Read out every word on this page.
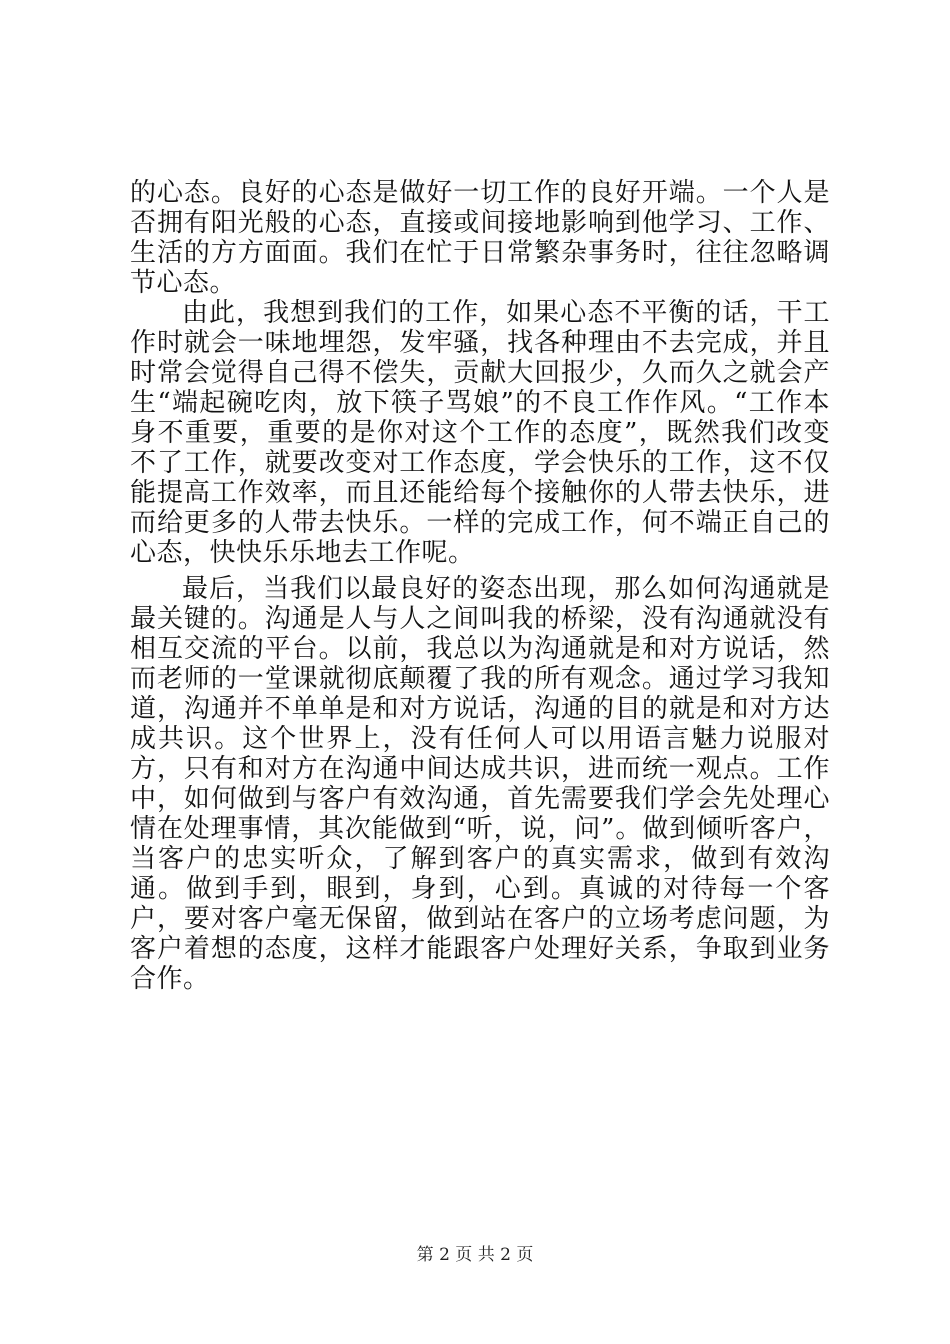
的心态。良好的心态是做好一切工作的良好开端。一个人是否拥有阳光般的心态，直接或间接地影响到他学习、工作、生活的方方面面。我们在忙于日常繁杂事务时，往往忽略调节心态。

由此，我想到我们的工作，如果心态不平衡的话，干工作时就会一味地埋怨，发牢骚，找各种理由不去完成，并且时常会觉得自己得不偿失，贡献大回报少，久而久之就会产生“端起碗吃肉，放下筷子骂娘”的不良工作作风。“工作本身不重要，重要的是你对这个工作的态度”，既然我们改变不了工作，就要改变对工作态度，学会快乐的工作，这不仅能提高工作效率，而且还能给每个接触你的人带去快乐，进而给更多的人带去快乐。一样的完成工作，何不端正自己的心态，快快乐乐地去工作呢。

最后，当我们以最良好的姿态出现，那么如何沟通就是最关键的。沟通是人与人之间叫我的桥梁，没有沟通就没有相互交流的平台。以前，我总以为沟通就是和对方说话，然而老师的一堂课就彻底颠覆了我的所有观念。通过学习我知道，沟通并不单单是和对方说话，沟通的目的就是和对方达成共识。这个世界上，没有任何人可以用语言魅力说服对方，只有和对方在沟通中间达成共识，进而统一观点。工作中，如何做到与客户有效沟通，首先需要我们学会先处理心情在处理事情，其次能做到“听，说，问”。做到倾听客户，当客户的忠实听众，了解到客户的真实需求，做到有效沟通。做到手到，眼到，身到，心到。真诚的对待每一个客户，要对客户毫无保留，做到站在客户的立场考虑问题，为客户着想的态度，这样才能跟客户处理好关系，争取到业务合作。

第 2 页 共 2 页
